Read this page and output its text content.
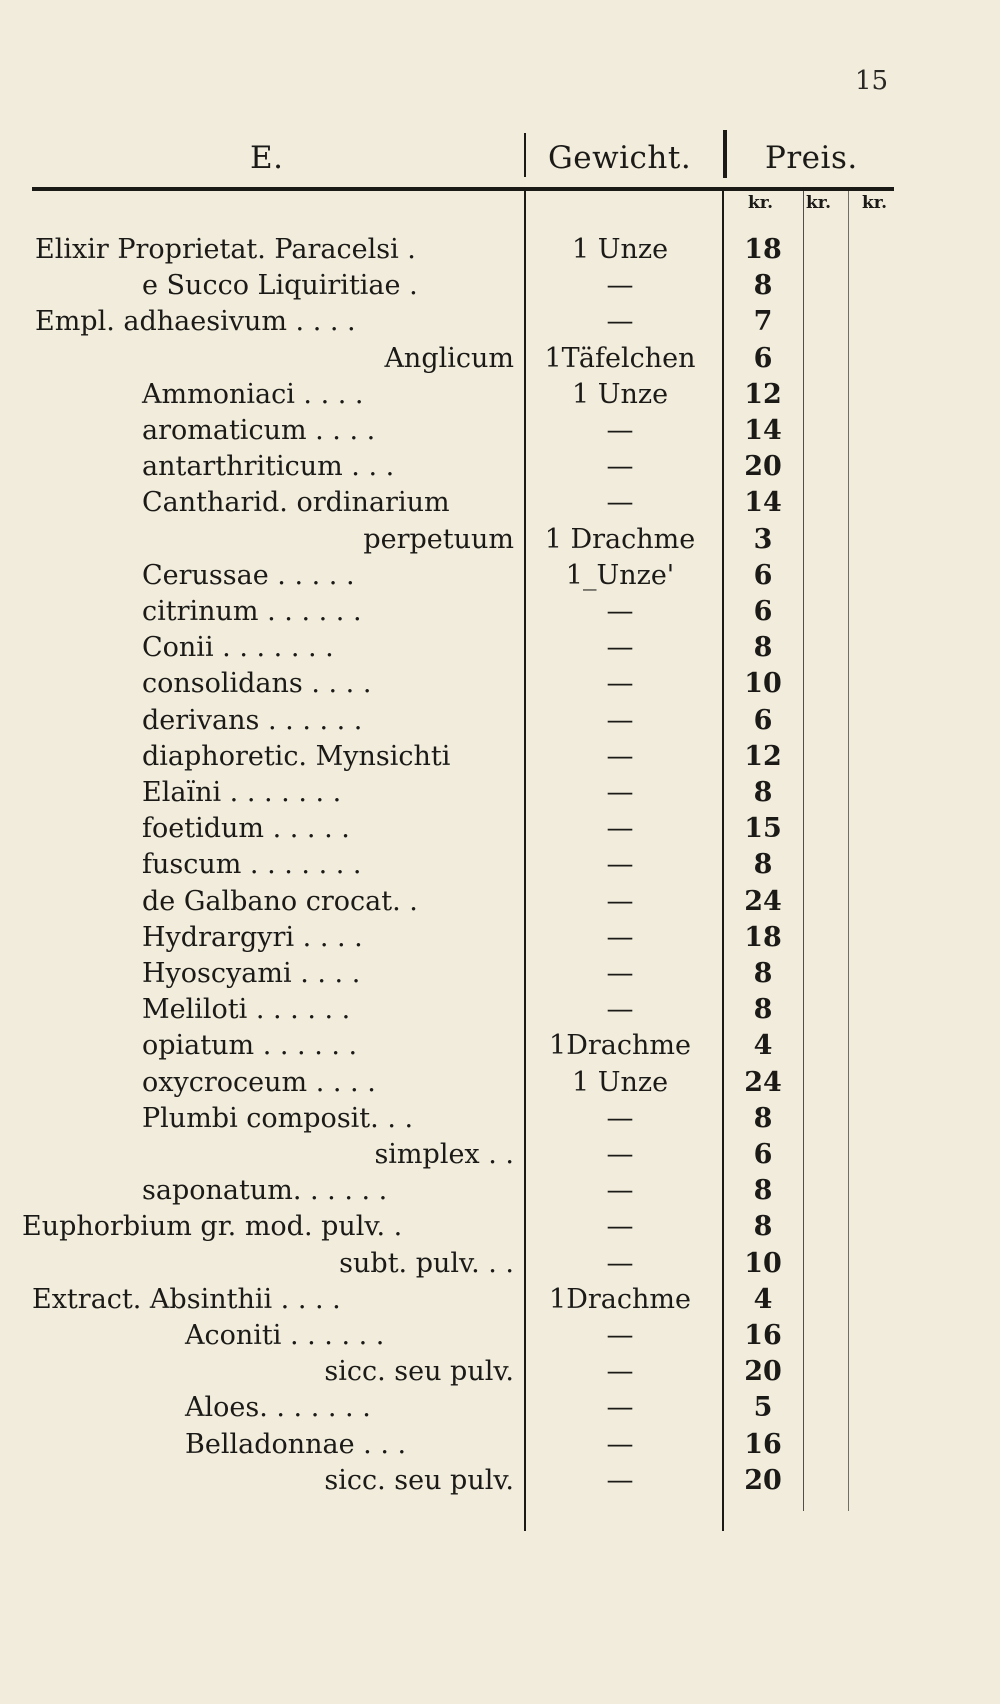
15
E.	Gewicht. Preis.
kr. kr. kr.
Elixir Proprietat. Paracelsi .	1 Unze	18
e Succo Liquiritiae .	—	8
Empl. adhaesivum . . . .	—	7
Anglicum	1Täfelchen	6
Ammoniaci . . . .	1 Unze	12
aromaticum . . . .	—	14
antarthriticum . . .	—	20
Cantharid. ordinarium	—	14
perpetuum	1 Drachme	3
Cerussae . . . . .	1_Unze'	6
citrinum . . . . . .	—	6
Conii . . . . . . .	—	8
consolidans . . . .	—	10
derivans . . . . . .	—	6
diaphoretic. Mynsichti	—	12
Elaïni . . . . . . .	—	8
foetidum . . . . .	—	15
fuscum . . . . . . .	—	8
de Galbano crocat. .	—	24
Hydrargyri . . . .	—	18
Hyoscyami . . . .	—	8
Meliloti . . . . . .	—	8
opiatum . . . . . .	1Drachme	4
oxycroceum . . . .	1 Unze	24
Plumbi composit. . .	—	8
simplex . .	—	6
saponatum. . . . . .	—	8
Euphorbium gr. mod. pulv. .	—	8
subt. pulv. . .	—	10
Extract. Absinthii . . . .	1Drachme	4
Aconiti . . . . . .	—	16
sicc. seu pulv.	—	20
Aloes. . . . . . .	—	5
Belladonnae . . .	—	16
sicc. seu pulv.	—	20
